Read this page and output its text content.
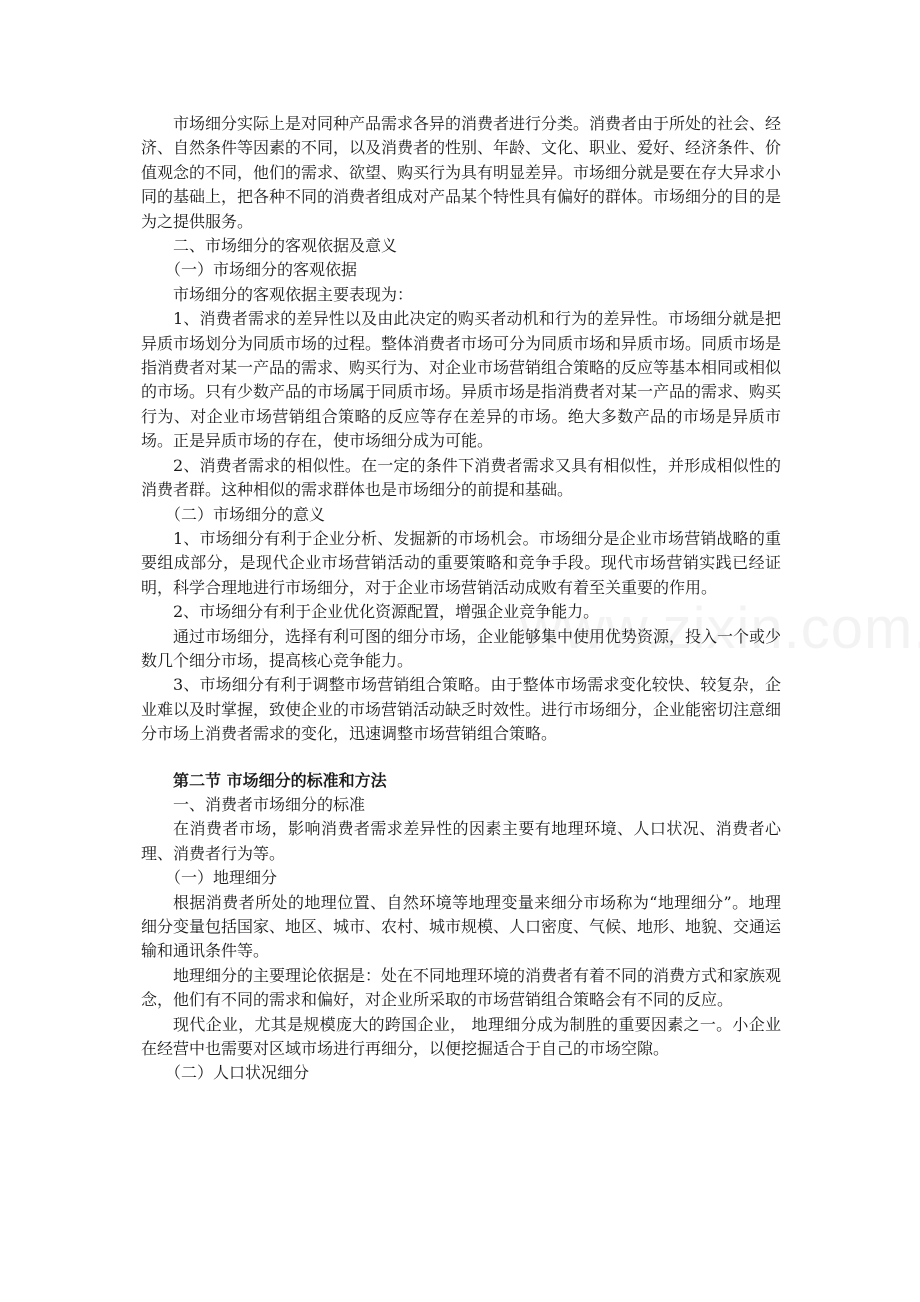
市场细分实际上是对同种产品需求各异的消费者进行分类。消费者由于所处的社会、经济、自然条件等因素的不同，以及消费者的性别、年龄、文化、职业、爱好、经济条件、价值观念的不同，他们的需求、欲望、购买行为具有明显差异。市场细分就是要在存大异求小同的基础上，把各种不同的消费者组成对产品某个特性具有偏好的群体。市场细分的目的是为之提供服务。

二、市场细分的客观依据及意义

（一）市场细分的客观依据

市场细分的客观依据主要表现为：

1、消费者需求的差异性以及由此决定的购买者动机和行为的差异性。市场细分就是把异质市场划分为同质市场的过程。整体消费者市场可分为同质市场和异质市场。同质市场是指消费者对某一产品的需求、购买行为、对企业市场营销组合策略的反应等基本相同或相似的市场。只有少数产品的市场属于同质市场。异质市场是指消费者对某一产品的需求、购买行为、对企业市场营销组合策略的反应等存在差异的市场。绝大多数产品的市场是异质市场。正是异质市场的存在，使市场细分成为可能。

2、消费者需求的相似性。在一定的条件下消费者需求又具有相似性，并形成相似性的消费者群。这种相似的需求群体也是市场细分的前提和基础。

（二）市场细分的意义

1、市场细分有利于企业分析、发掘新的市场机会。市场细分是企业市场营销战略的重要组成部分，是现代企业市场营销活动的重要策略和竞争手段。现代市场营销实践已经证明，科学合理地进行市场细分，对于企业市场营销活动成败有着至关重要的作用。

2、市场细分有利于企业优化资源配置，增强企业竞争能力。

通过市场细分，选择有利可图的细分市场，企业能够集中使用优势资源，投入一个或少数几个细分市场，提高核心竞争能力。

3、市场细分有利于调整市场营销组合策略。由于整体市场需求变化较快、较复杂，企业难以及时掌握，致使企业的市场营销活动缺乏时效性。进行市场细分，企业能密切注意细分市场上消费者需求的变化，迅速调整市场营销组合策略。

第二节 市场细分的标准和方法

一、消费者市场细分的标准

在消费者市场，影响消费者需求差异性的因素主要有地理环境、人口状况、消费者心理、消费者行为等。

（一）地理细分

根据消费者所处的地理位置、自然环境等地理变量来细分市场称为“地理细分”。地理细分变量包括国家、地区、城市、农村、城市规模、人口密度、气候、地形、地貌、交通运输和通讯条件等。

地理细分的主要理论依据是：处在不同地理环境的消费者有着不同的消费方式和家族观念，他们有不同的需求和偏好，对企业所采取的市场营销组合策略会有不同的反应。

现代企业，尤其是规模庞大的跨国企业， 地理细分成为制胜的重要因素之一。小企业在经营中也需要对区域市场进行再细分，以便挖掘适合于自己的市场空隙。

（二）人口状况细分
